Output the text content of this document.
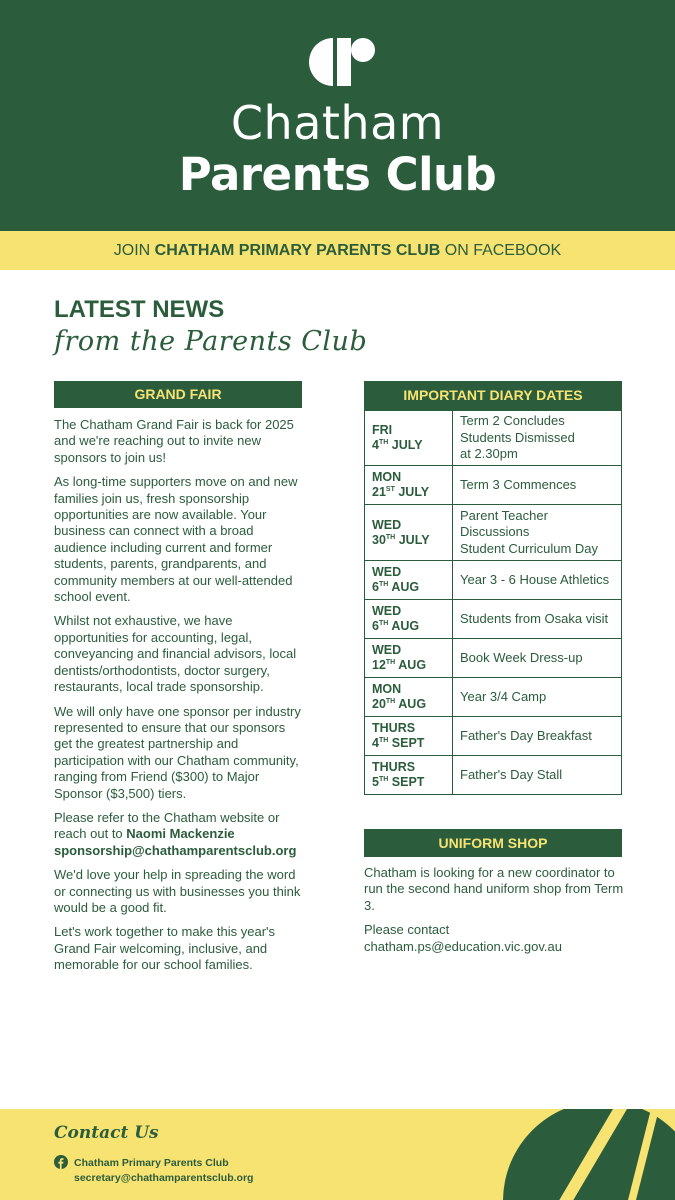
Chatham
Parents Club
JOIN CHATHAM PRIMARY PARENTS CLUB ON FACEBOOK
LATEST NEWS
from the Parents Club
GRAND FAIR

The Chatham Grand Fair is back for 2025 and we're reaching out to invite new sponsors to join us!

As long-time supporters move on and new families join us, fresh sponsorship opportunities are now available. Your business can connect with a broad audience including current and former students, parents, grandparents, and community members at our well-attended school event.

Whilst not exhaustive, we have opportunities for accounting, legal, conveyancing and financial advisors, local dentists/orthodontists, doctor surgery, restaurants, local trade sponsorship.

We will only have one sponsor per industry represented to ensure that our sponsors get the greatest partnership and participation with our Chatham community, ranging from Friend ($300) to Major Sponsor ($3,500) tiers.

Please refer to the Chatham website or reach out to Naomi Mackenzie
sponsorship@chathamparentsclub.org

We'd love your help in spreading the word or connecting us with businesses you think would be a good fit.

Let's work together to make this year's Grand Fair welcoming, inclusive, and memorable for our school families.

IMPORTANT DIARY DATES
FRI
4TH JULY	Term 2 Concludes
Students Dismissed
at 2.30pm
MON
21ST JULY	Term 3 Commences
WED
30TH JULY	Parent Teacher
Discussions
Student Curriculum Day
WED
6TH AUG	Year 3 - 6 House Athletics
WED
6TH AUG	Students from Osaka visit
WED
12TH AUG	Book Week Dress-up
MON
20TH AUG	Year 3/4 Camp
THURS
4TH SEPT	Father's Day Breakfast
THURS
5TH SEPT	Father's Day Stall
UNIFORM SHOP

Chatham is looking for a new coordinator to run the second hand uniform shop from Term 3.

Please contact
chatham.ps@education.vic.gov.au

Contact Us
Chatham Primary Parents Club
secretary@chathamparentsclub.org
